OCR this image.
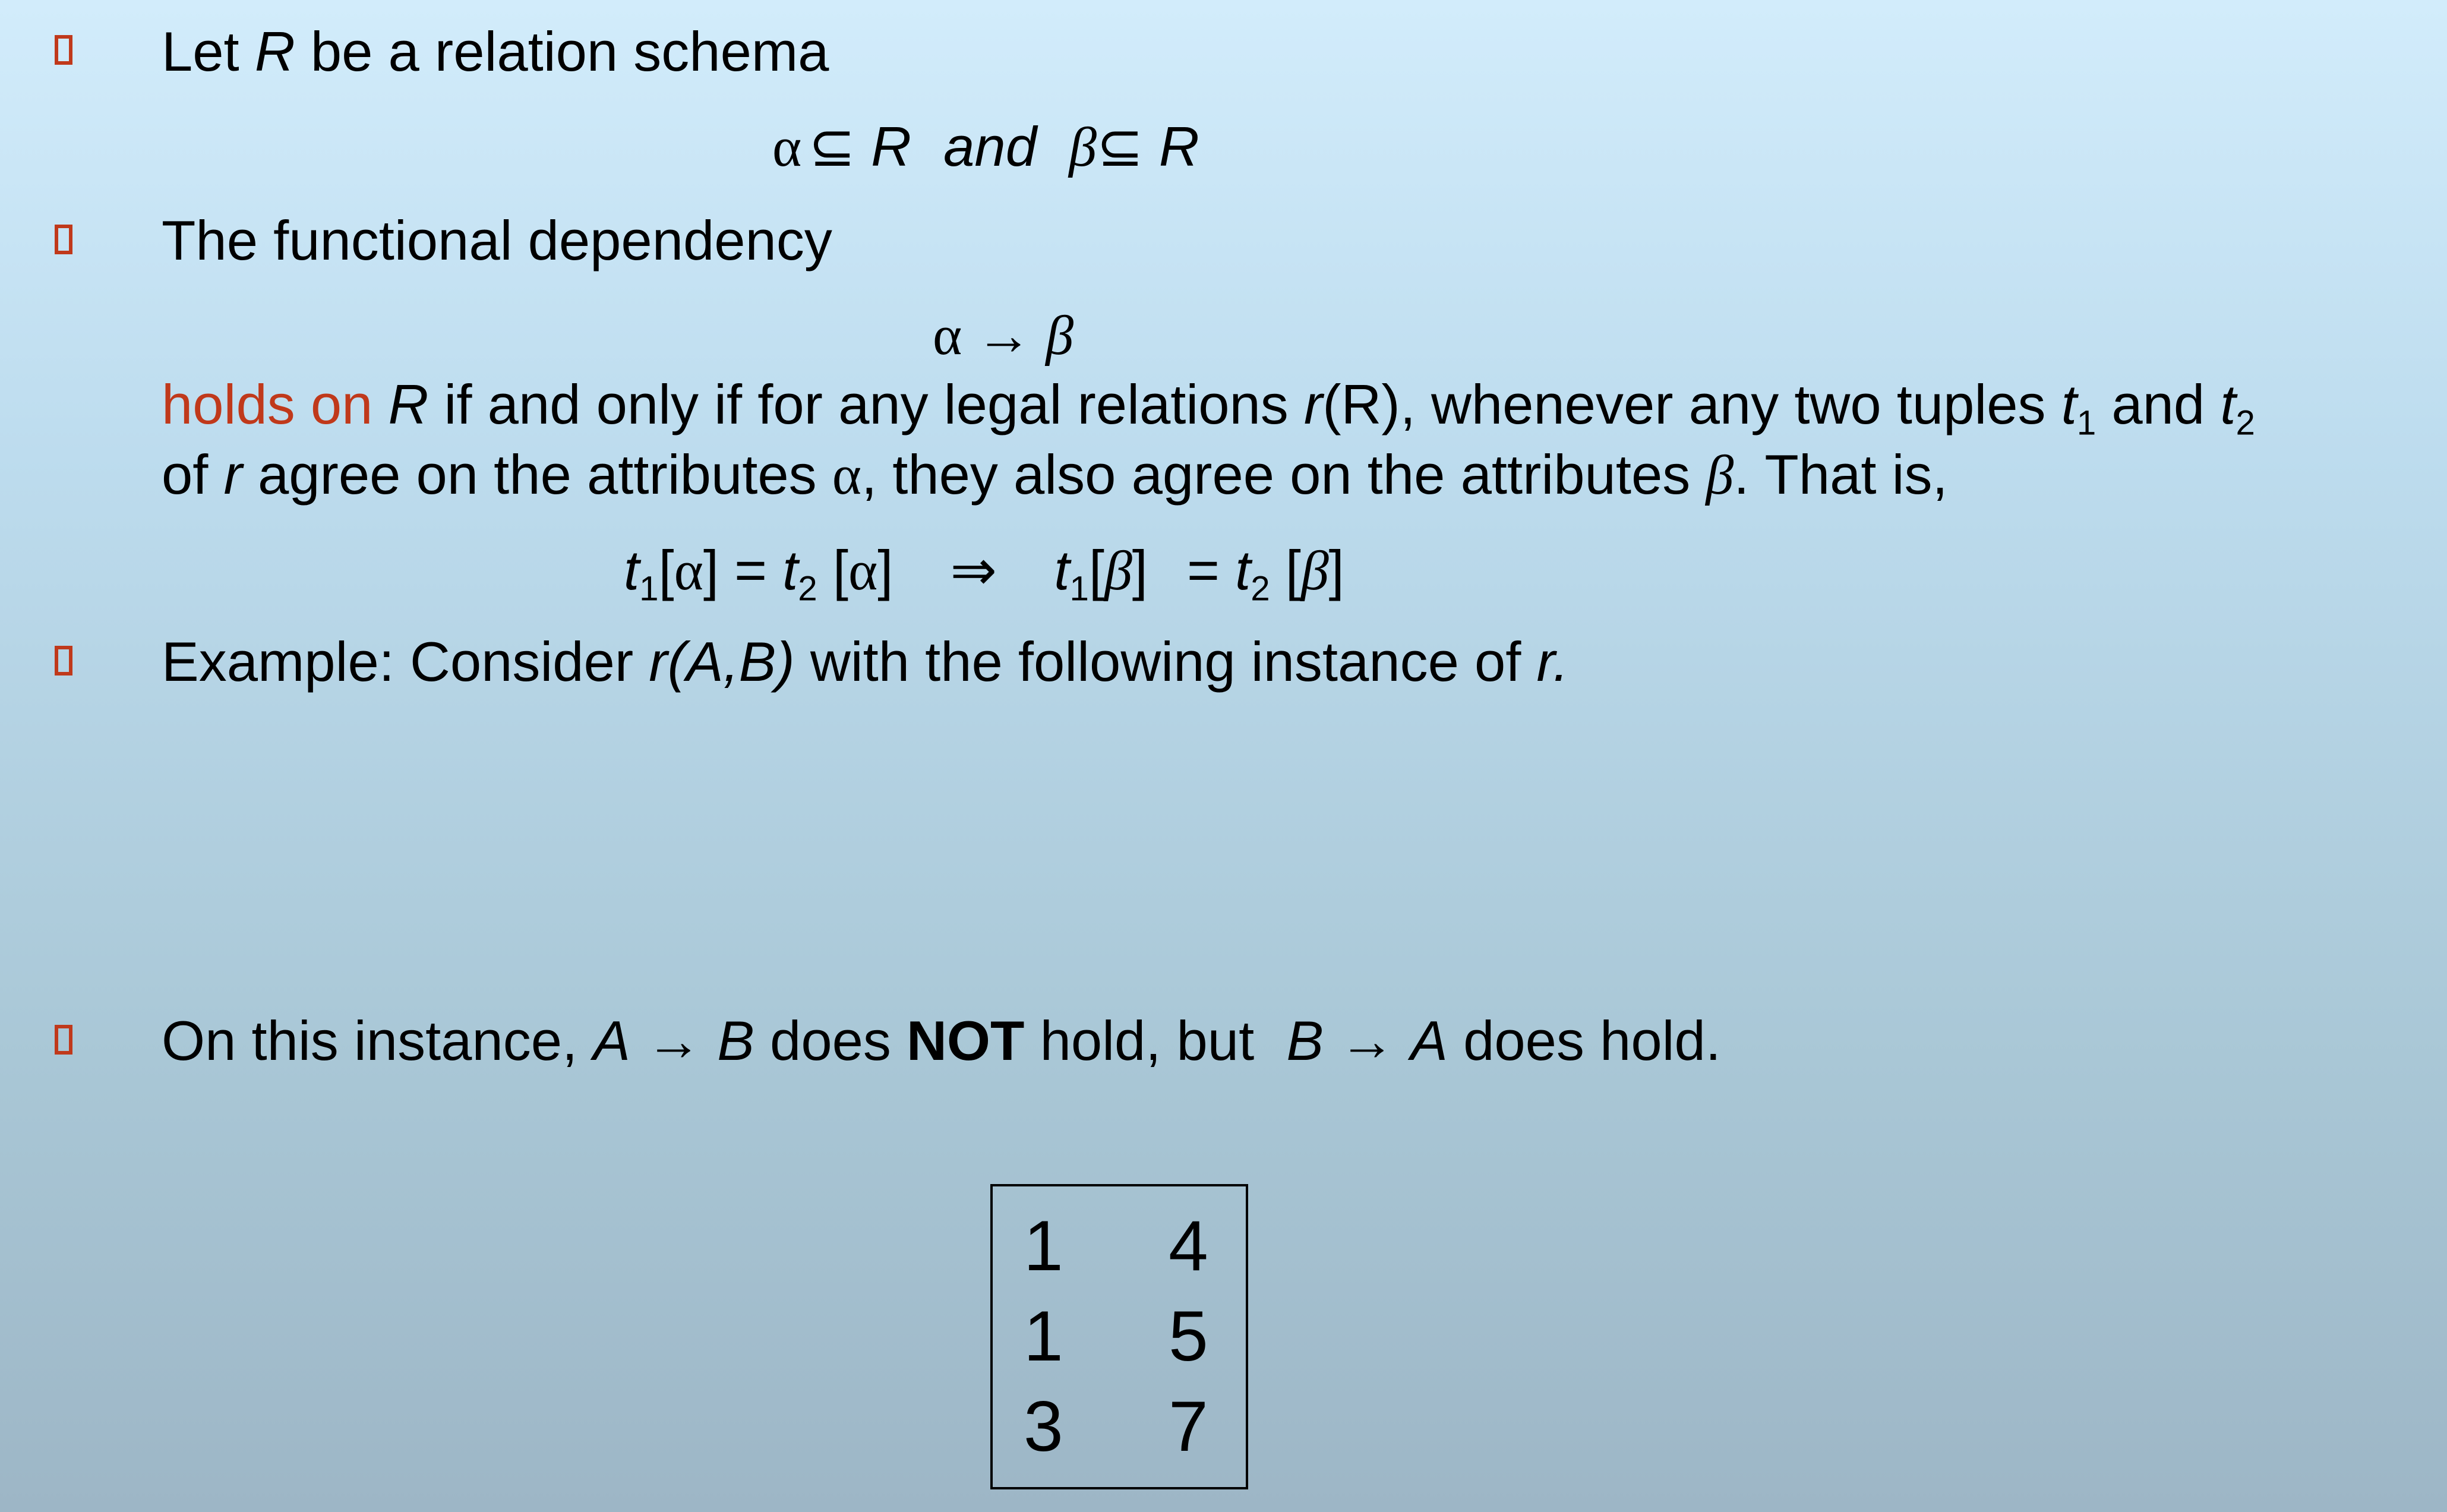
Let R be a relation schema
α ⊆ R and β⊆ R
The functional dependency
α → β
holds on R if and only if for any legal relations r(R), whenever any two tuples $t_1$ and $t_2$
of r agree on the attributes α, they also agree on the attributes β. That is,
$t_1[\alpha] = t_2$ [α] ⇒ $t_1[\beta] = t_2$ [β]
Example: Consider r(A,B) with the following instance of r.
On this instance, A → B does NOT hold, but B → A does hold.
1 4
1 5
3 7
